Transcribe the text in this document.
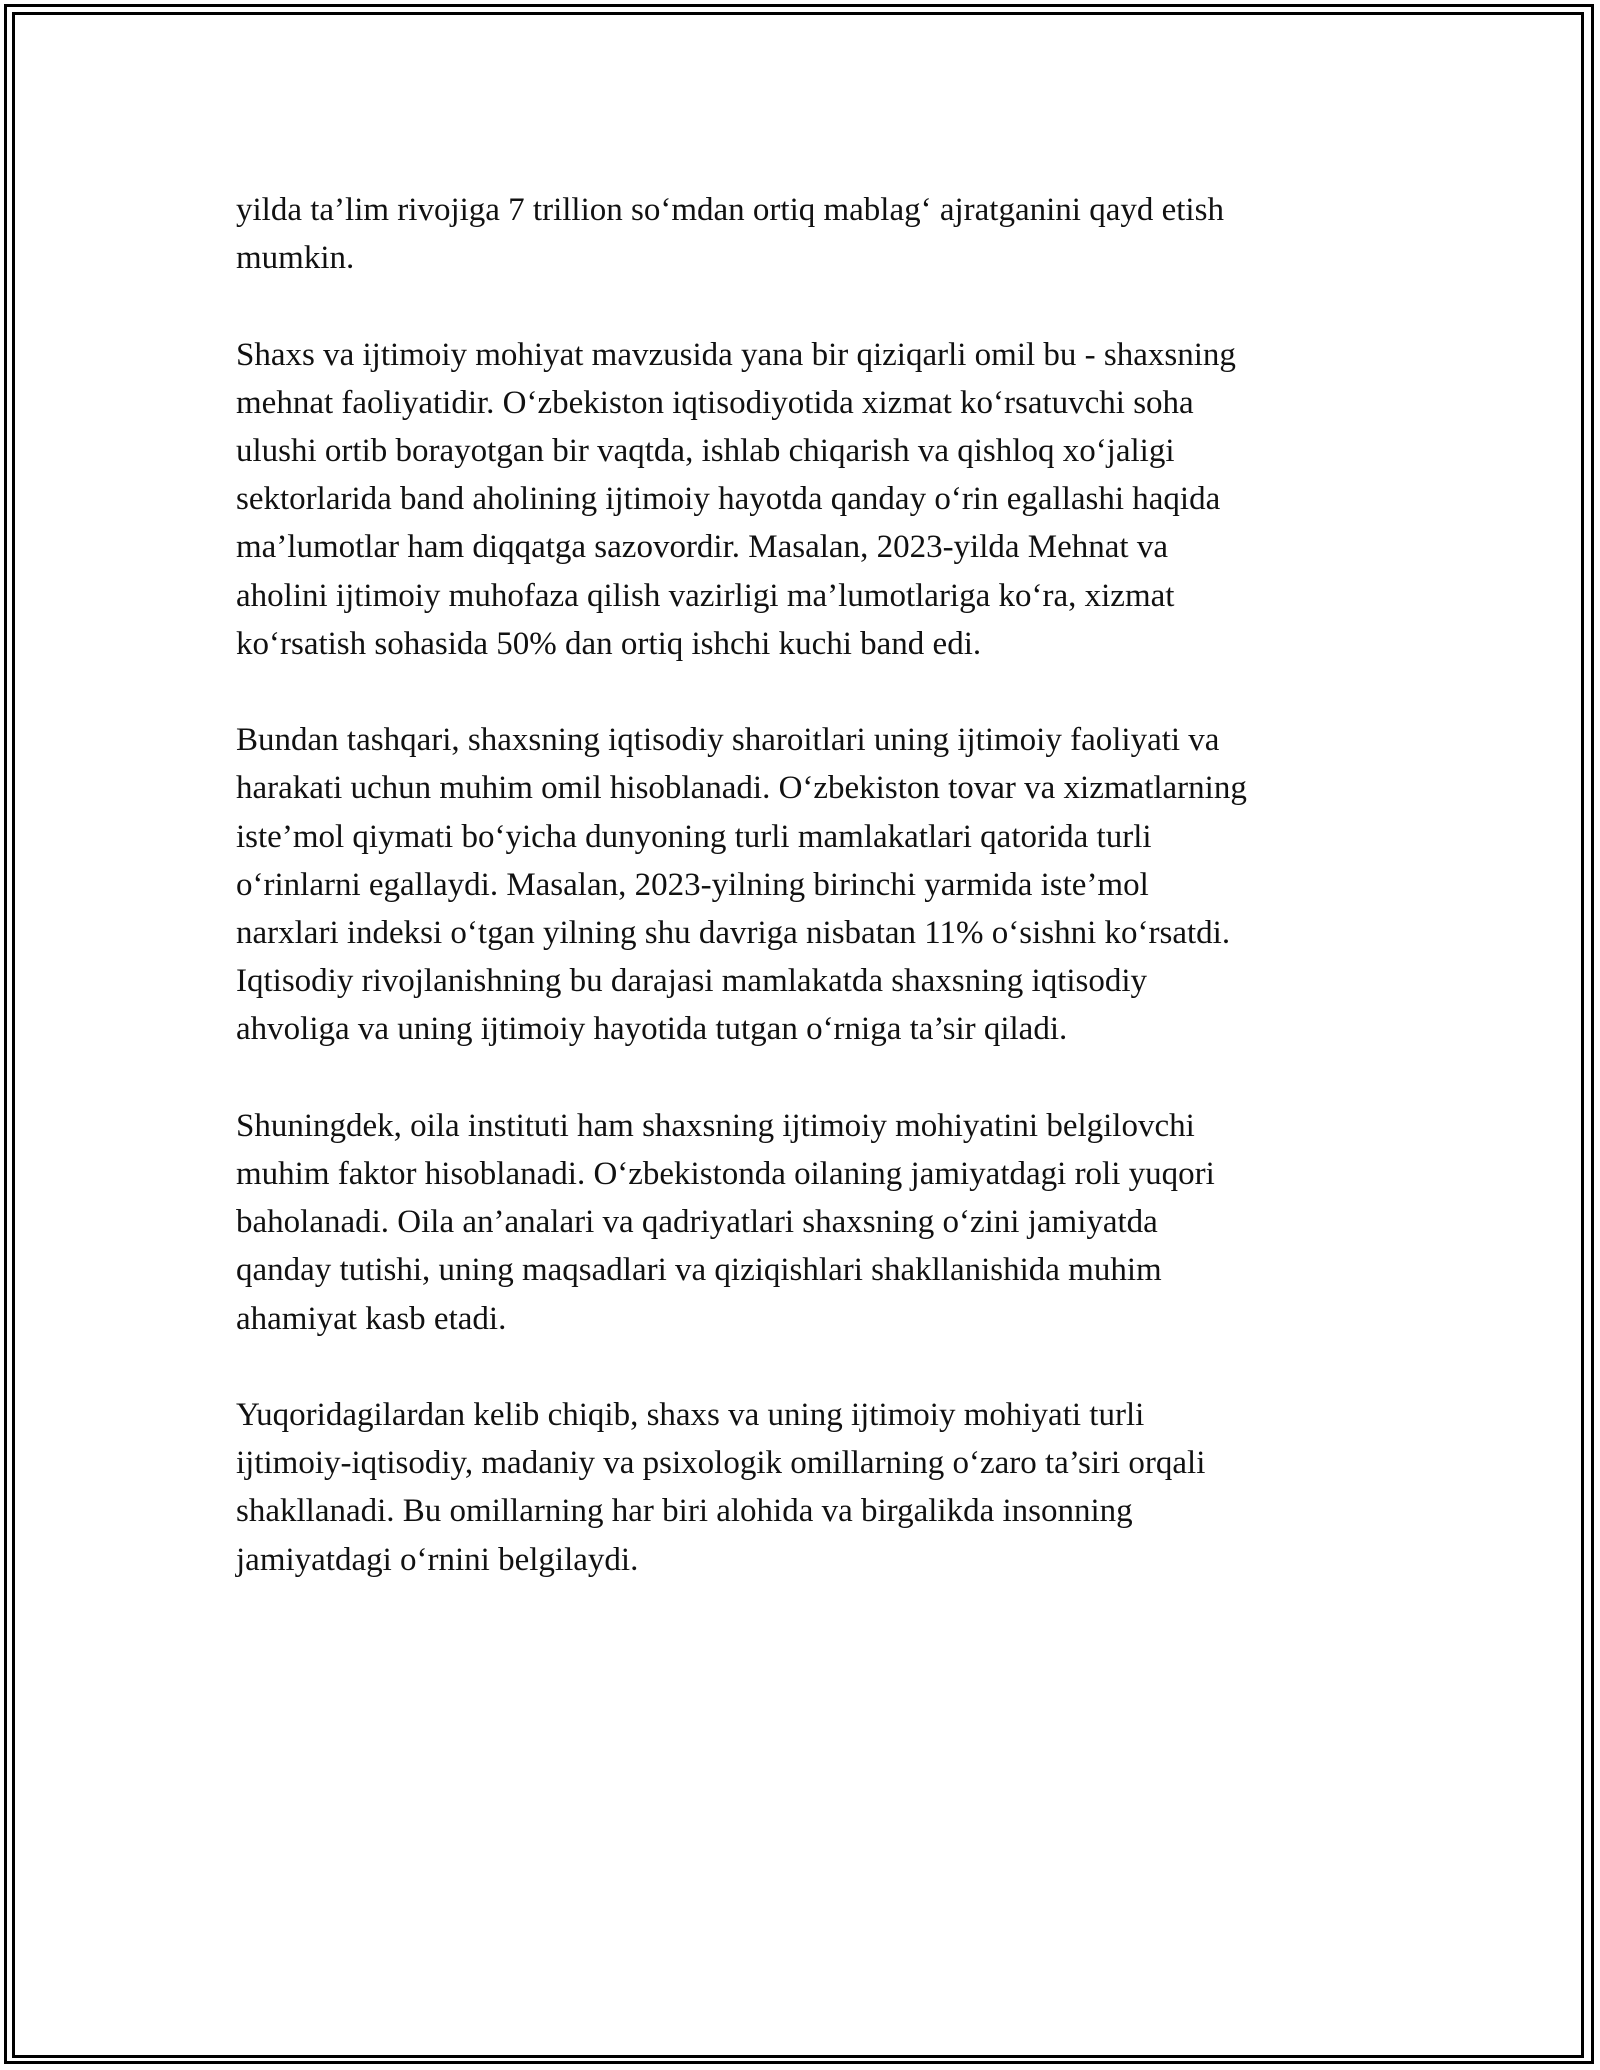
yilda ta’lim rivojiga 7 trillion so‘mdan ortiq mablag‘ ajratganini qayd etish
mumkin.

Shaxs va ijtimoiy mohiyat mavzusida yana bir qiziqarli omil bu - shaxsning
mehnat faoliyatidir. O‘zbekiston iqtisodiyotida xizmat ko‘rsatuvchi soha
ulushi ortib borayotgan bir vaqtda, ishlab chiqarish va qishloq xo‘jaligi
sektorlarida band aholining ijtimoiy hayotda qanday o‘rin egallashi haqida
ma’lumotlar ham diqqatga sazovordir. Masalan, 2023-yilda Mehnat va
aholini ijtimoiy muhofaza qilish vazirligi ma’lumotlariga ko‘ra, xizmat
ko‘rsatish sohasida 50% dan ortiq ishchi kuchi band edi.

Bundan tashqari, shaxsning iqtisodiy sharoitlari uning ijtimoiy faoliyati va
harakati uchun muhim omil hisoblanadi. O‘zbekiston tovar va xizmatlarning
iste’mol qiymati bo‘yicha dunyoning turli mamlakatlari qatorida turli
o‘rinlarni egallaydi. Masalan, 2023-yilning birinchi yarmida iste’mol
narxlari indeksi o‘tgan yilning shu davriga nisbatan 11% o‘sishni ko‘rsatdi.
Iqtisodiy rivojlanishning bu darajasi mamlakatda shaxsning iqtisodiy
ahvoliga va uning ijtimoiy hayotida tutgan o‘rniga ta’sir qiladi.

Shuningdek, oila instituti ham shaxsning ijtimoiy mohiyatini belgilovchi
muhim faktor hisoblanadi. O‘zbekistonda oilaning jamiyatdagi roli yuqori
baholanadi. Oila an’analari va qadriyatlari shaxsning o‘zini jamiyatda
qanday tutishi, uning maqsadlari va qiziqishlari shakllanishida muhim
ahamiyat kasb etadi.

Yuqoridagilardan kelib chiqib, shaxs va uning ijtimoiy mohiyati turli
ijtimoiy-iqtisodiy, madaniy va psixologik omillarning o‘zaro ta’siri orqali
shakllanadi. Bu omillarning har biri alohida va birgalikda insonning
jamiyatdagi o‘rnini belgilaydi.
